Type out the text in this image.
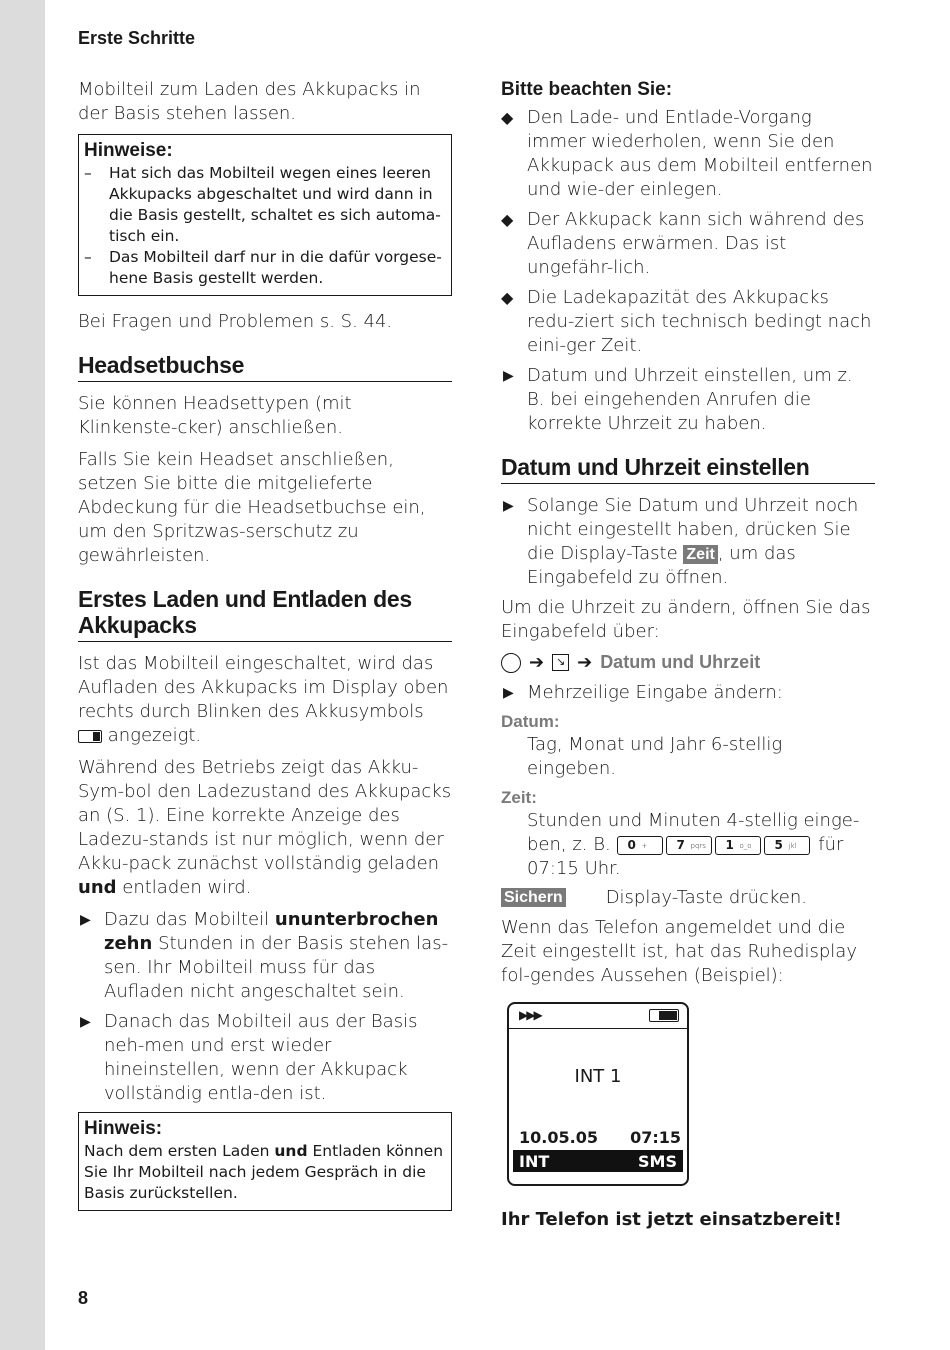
Erste Schritte

Mobilteil zum Laden des Akkupacks in der Basis stehen lassen.

Hinweise:
– Hat sich das Mobilteil wegen eines leeren Akkupacks abgeschaltet und wird dann in die Basis gestellt, schaltet es sich automa-tisch ein.
– Das Mobilteil darf nur in die dafür vorgese-hene Basis gestellt werden.

Bei Fragen und Problemen s. S. 44.

Headsetbuchse

Sie können Headsettypen (mit Klinkenste-cker) anschließen.

Falls Sie kein Headset anschließen, setzen Sie bitte die mitgelieferte Abdeckung für die Headsetbuchse ein, um den Spritzwas-serschutz zu gewährleisten.

Erstes Laden und Entladen des Akkupacks

Ist das Mobilteil eingeschaltet, wird das Aufladen des Akkupacks im Display oben rechts durch Blinken des Akkusymbols
angezeigt.

Während des Betriebs zeigt das Akku-Sym-bol den Ladezustand des Akkupacks an (S. 1). Eine korrekte Anzeige des Ladezu-stands ist nur möglich, wenn der Akku-pack zunächst vollständig geladen und entladen wird.

▶ Dazu das Mobilteil ununterbrochen zehn Stunden in der Basis stehen las-sen. Ihr Mobilteil muss für das Aufladen nicht angeschaltet sein.
▶ Danach das Mobilteil aus der Basis neh-men und erst wieder hineinstellen, wenn der Akkupack vollständig entla-den ist.
Hinweis:
Nach dem ersten Laden und Entladen können Sie Ihr Mobilteil nach jedem Gespräch in die Basis zurückstellen.
Bitte beachten Sie:
◆ Den Lade- und Entlade-Vorgang immer wiederholen, wenn Sie den Akkupack aus dem Mobilteil entfernen und wie-der einlegen.
◆ Der Akkupack kann sich während des Aufladens erwärmen. Das ist ungefähr-lich.
◆ Die Ladekapazität des Akkupacks redu-ziert sich technisch bedingt nach eini-ger Zeit.
▶ Datum und Uhrzeit einstellen, um z. B. bei eingehenden Anrufen die korrekte Uhrzeit zu haben.
Datum und Uhrzeit einstellen
▶ Solange Sie Datum und Uhrzeit noch nicht eingestellt haben, drücken Sie die Display-Taste Zeit , um das Eingabefeld zu öffnen.

Um die Uhrzeit zu ändern, öffnen Sie das Eingabefeld über:

➔	↘ ➔ Datum und Uhrzeit
▶ Mehrzeilige Eingabe ändern:
Datum:
Tag, Monat und Jahr 6-stellig eingeben.
Zeit:
Stunden und Minuten 4-stellig einge-ben, z. B. 0 + 7 pqrs 1 o_o 5 jkl für 07:15 Uhr.
Sichern Display-Taste drücken.

Wenn das Telefon angemeldet und die Zeit eingestellt ist, hat das Ruhedisplay fol-gendes Aussehen (Beispiel):

▶▶▶
INT 1
10.05.05 07:15
INT	SMS
Ihr Telefon ist jetzt einsatzbereit!
8
